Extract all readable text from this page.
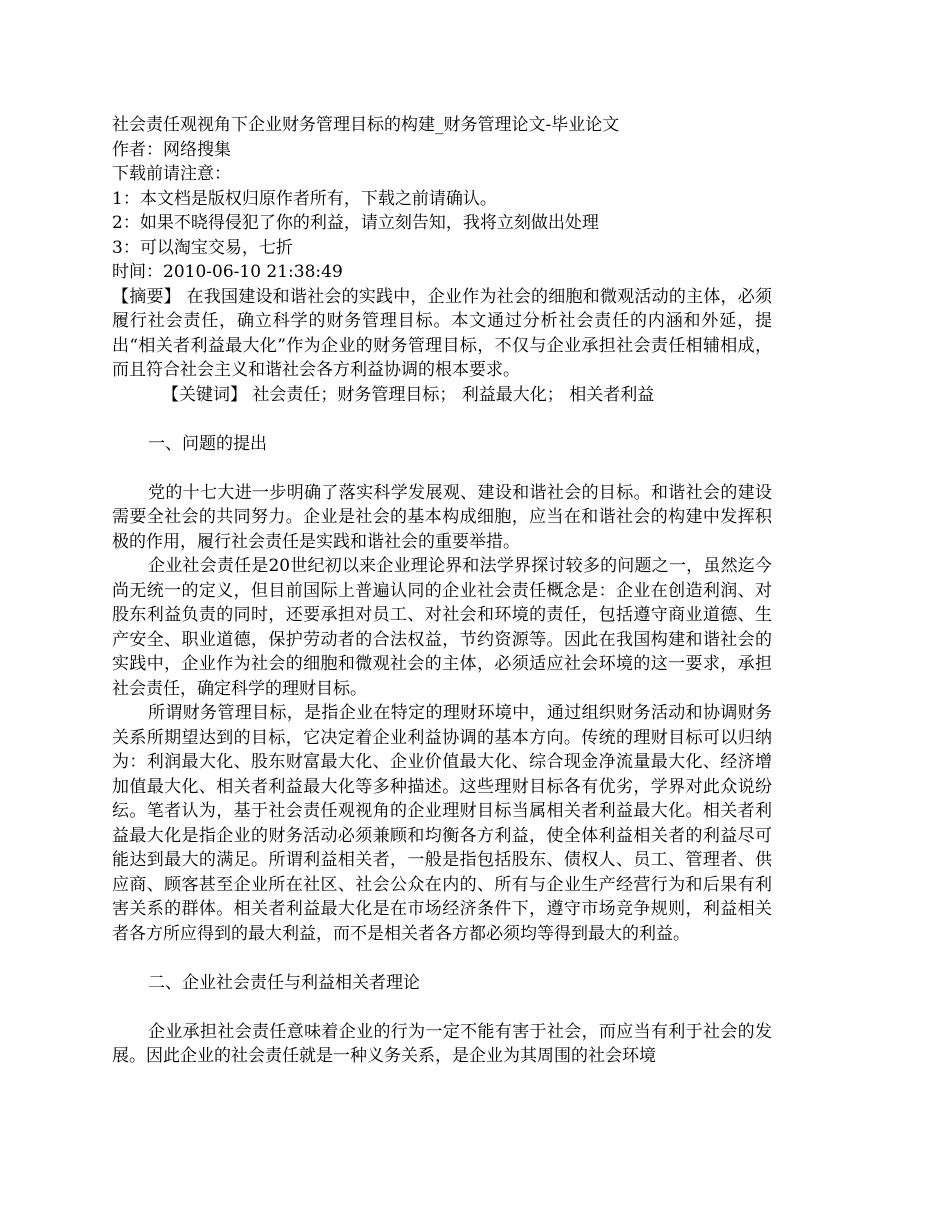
社会责任观视角下企业财务管理目标的构建_财务管理论文-毕业论文

作者：网络搜集

下载前请注意：

1：本文档是版权归原作者所有，下载之前请确认。

2：如果不晓得侵犯了你的利益，请立刻告知，我将立刻做出处理

3：可以淘宝交易，七折

时间：2010-06-10 21:38:49

【摘要】 在我国建设和谐社会的实践中，企业作为社会的细胞和微观活动的主体，必须履行社会责任，确立科学的财务管理目标。本文通过分析社会责任的内涵和外延，提出“相关者利益最大化”作为企业的财务管理目标，不仅与企业承担社会责任相辅相成，而且符合社会主义和谐社会各方利益协调的根本要求。

【关键词】 社会责任；财务管理目标； 利益最大化； 相关者利益

一、问题的提出

党的十七大进一步明确了落实科学发展观、建设和谐社会的目标。和谐社会的建设需要全社会的共同努力。企业是社会的基本构成细胞，应当在和谐社会的构建中发挥积极的作用，履行社会责任是实践和谐社会的重要举措。

企业社会责任是20世纪初以来企业理论界和法学界探讨较多的问题之一，虽然迄今尚无统一的定义，但目前国际上普遍认同的企业社会责任概念是：企业在创造利润、对股东利益负责的同时，还要承担对员工、对社会和环境的责任，包括遵守商业道德、生产安全、职业道德，保护劳动者的合法权益，节约资源等。因此在我国构建和谐社会的实践中，企业作为社会的细胞和微观社会的主体，必须适应社会环境的这一要求，承担社会责任，确定科学的理财目标。

所谓财务管理目标，是指企业在特定的理财环境中，通过组织财务活动和协调财务关系所期望达到的目标，它决定着企业利益协调的基本方向。传统的理财目标可以归纳为：利润最大化、股东财富最大化、企业价值最大化、综合现金净流量最大化、经济增加值最大化、相关者利益最大化等多种描述。这些理财目标各有优劣，学界对此众说纷纭。笔者认为，基于社会责任观视角的企业理财目标当属相关者利益最大化。相关者利益最大化是指企业的财务活动必须兼顾和均衡各方利益，使全体利益相关者的利益尽可能达到最大的满足。所谓利益相关者，一般是指包括股东、债权人、员工、管理者、供应商、顾客甚至企业所在社区、社会公众在内的、所有与企业生产经营行为和后果有利害关系的群体。相关者利益最大化是在市场经济条件下，遵守市场竞争规则，利益相关者各方所应得到的最大利益，而不是相关者各方都必须均等得到最大的利益。

二、企业社会责任与利益相关者理论

企业承担社会责任意味着企业的行为一定不能有害于社会，而应当有利于社会的发展。因此企业的社会责任就是一种义务关系，是企业为其周围的社会环境
